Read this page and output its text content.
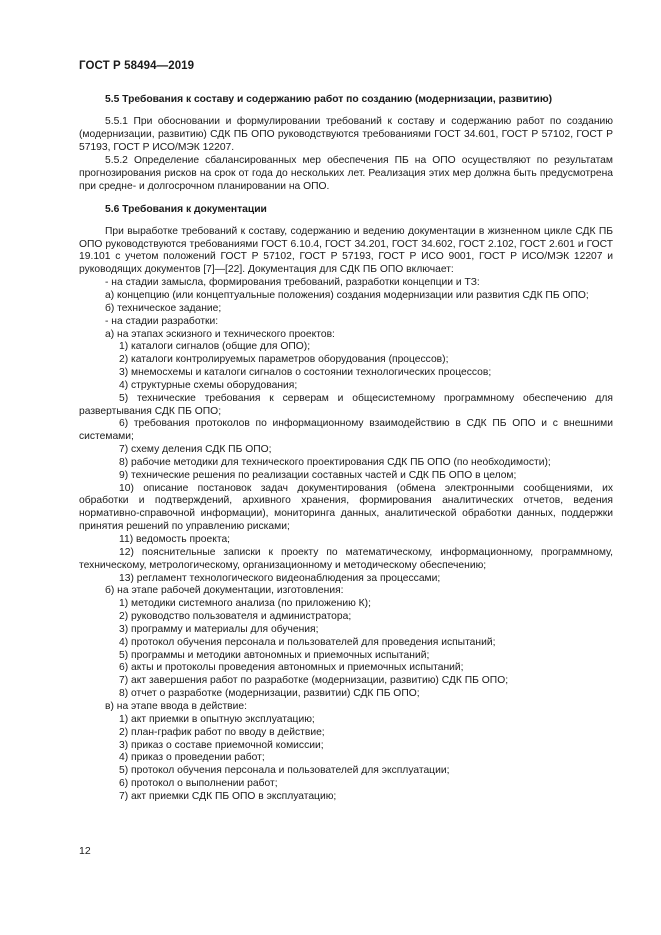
ГОСТ Р 58494—2019

5.5 Требования к составу и содержанию работ по созданию (модернизации, развитию)

5.5.1 При обосновании и формулировании требований к составу и содержанию работ по созданию (модернизации, развитию) СДК ПБ ОПО руководствуются требованиями ГОСТ 34.601, ГОСТ Р 57102, ГОСТ Р 57193, ГОСТ Р ИСО/МЭК 12207.

5.5.2 Определение сбалансированных мер обеспечения ПБ на ОПО осуществляют по результатам прогнозирования рисков на срок от года до нескольких лет. Реализация этих мер должна быть предусмотрена при средне- и долгосрочном планировании на ОПО.

5.6 Требования к документации

При выработке требований к составу, содержанию и ведению документации в жизненном цикле СДК ПБ ОПО руководствуются требованиями ГОСТ 6.10.4, ГОСТ 34.201, ГОСТ 34.602, ГОСТ 2.102, ГОСТ 2.601 и ГОСТ 19.101 с учетом положений ГОСТ Р 57102, ГОСТ Р 57193, ГОСТ Р ИСО 9001, ГОСТ Р ИСО/МЭК 12207 и руководящих документов [7]—[22]. Документация для СДК ПБ ОПО включает:

- на стадии замысла, формирования требований, разработки концепции и ТЗ:

а) концепцию (или концептуальные положения) создания модернизации или развития СДК ПБ ОПО;

б) техническое задание;

- на стадии разработки:

а) на этапах эскизного и технического проектов:

1) каталоги сигналов (общие для ОПО);

2) каталоги контролируемых параметров оборудования (процессов);

3) мнемосхемы и каталоги сигналов о состоянии технологических процессов;

4) структурные схемы оборудования;

5) технические требования к серверам и общесистемному программному обеспечению для развертывания СДК ПБ ОПО;

6) требования протоколов по информационному взаимодействию в СДК ПБ ОПО и с внешними системами;

7) схему деления СДК ПБ ОПО;

8) рабочие методики для технического проектирования СДК ПБ ОПО (по необходимости);

9) технические решения по реализации составных частей и СДК ПБ ОПО в целом;

10) описание постановок задач документирования (обмена электронными сообщениями, их обработки и подтверждений, архивного хранения, формирования аналитических отчетов, ведения нормативно-справочной информации), мониторинга данных, аналитической обработки данных, поддержки принятия решений по управлению рисками;

11) ведомость проекта;

12) пояснительные записки к проекту по математическому, информационному, программному, техническому, метрологическому, организационному и методическому обеспечению;

13) регламент технологического видеонаблюдения за процессами;

б) на этапе рабочей документации, изготовления:

1) методики системного анализа (по приложению К);

2) руководство пользователя и администратора;

3) программу и материалы для обучения;

4) протокол обучения персонала и пользователей для проведения испытаний;

5) программы и методики автономных и приемочных испытаний;

6) акты и протоколы проведения автономных и приемочных испытаний;

7) акт завершения работ по разработке (модернизации, развитию) СДК ПБ ОПО;

8) отчет о разработке (модернизации, развитии) СДК ПБ ОПО;

в) на этапе ввода в действие:

1) акт приемки в опытную эксплуатацию;

2) план-график работ по вводу в действие;

3) приказ о составе приемочной комиссии;

4) приказ о проведении работ;

5) протокол обучения персонала и пользователей для эксплуатации;

6) протокол о выполнении работ;

7) акт приемки СДК ПБ ОПО в эксплуатацию;

12
